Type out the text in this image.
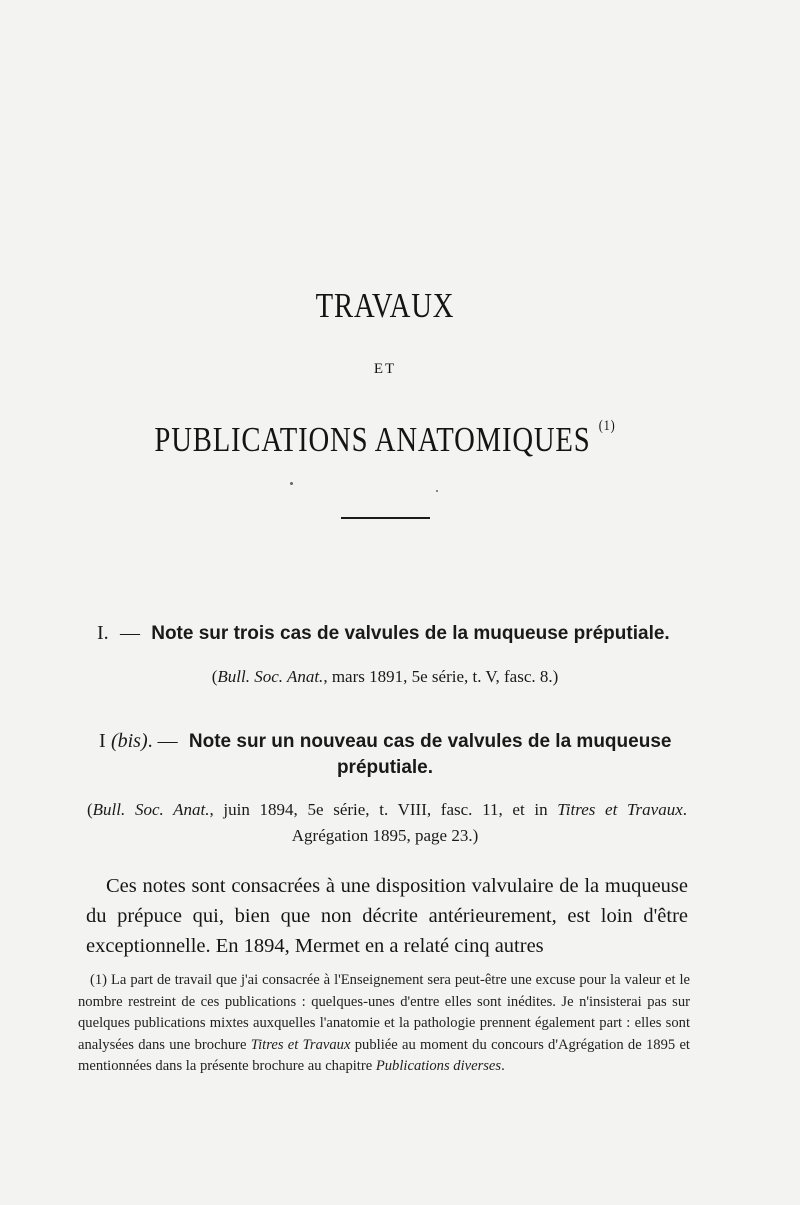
TRAVAUX
ET
PUBLICATIONS ANATOMIQUES $^{(1)}$
I. — Note sur trois cas de valvules de la muqueuse préputiale.
(Bull. Soc. Anat., mars 1891, 5e série, t. V, fasc. 8.)
I (bis). — Note sur un nouveau cas de valvules de la muqueuse
préputiale.
(Bull. Soc. Anat., juin 1894, 5e série, t. VIII, fasc. 11, et in Titres et Travaux.
Agrégation 1895, page 23.)
Ces notes sont consacrées à une disposition valvulaire de la muqueuse du prépuce qui, bien que non décrite antérieurement, est loin d'être exceptionnelle. En 1894, Mermet en a relaté cinq autres
(1) La part de travail que j'ai consacrée à l'Enseignement sera peut-être une excuse pour la valeur et le nombre restreint de ces publications : quelques-unes d'entre elles sont inédites. Je n'insisterai pas sur quelques publications mixtes auxquelles l'anatomie et la pathologie prennent également part : elles sont analysées dans une brochure Titres et Travaux publiée au moment du concours d'Agrégation de 1895 et mentionnées dans la présente brochure au chapitre Publications diverses.
